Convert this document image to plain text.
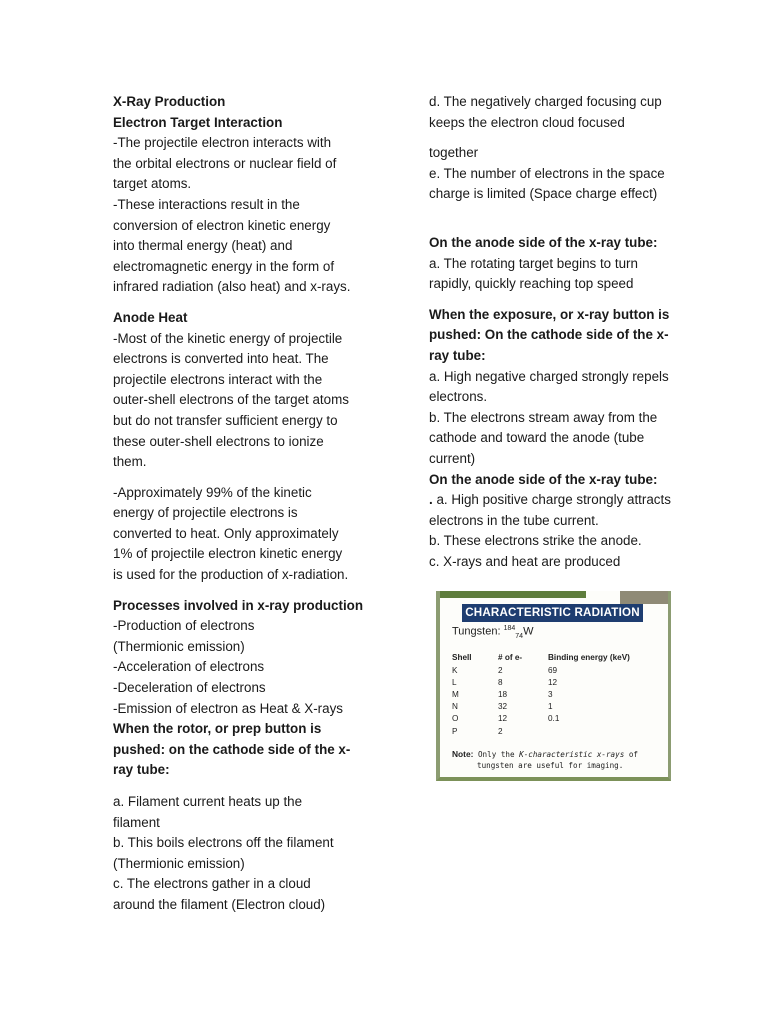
X-Ray Production
Electron Target Interaction
-The projectile electron interacts with
the orbital electrons or nuclear field of
target atoms.
-These interactions result in the
conversion of electron kinetic energy
into thermal energy (heat) and
electromagnetic energy in the form of
infrared radiation (also heat) and x-rays.
Anode Heat
-Most of the kinetic energy of projectile
electrons is converted into heat. The
projectile electrons interact with the
outer-shell electrons of the target atoms
but do not transfer sufficient energy to
these outer-shell electrons to ionize
them.
-Approximately 99% of the kinetic
energy of projectile electrons is
converted to heat. Only approximately
1% of projectile electron kinetic energy
is used for the production of x-radiation.
Processes involved in x-ray production
-Production of electrons
(Thermionic emission)
-Acceleration of electrons
-Deceleration of electrons
-Emission of electron as Heat & X-rays
When the rotor, or prep button is
pushed: on the cathode side of the x-
ray tube:
a. Filament current heats up the
filament
b. This boils electrons off the filament
(Thermionic emission)
c. The electrons gather in a cloud
around the filament (Electron cloud)
d. The negatively charged focusing cup
keeps the electron cloud focused
together
e. The number of electrons in the space
charge is limited (Space charge effect)
On the anode side of the x-ray tube:
a. The rotating target begins to turn
rapidly, quickly reaching top speed
When the exposure, or x-ray button is
pushed: On the cathode side of the x-
ray tube:
a. High negative charged strongly repels
electrons.
b. The electrons stream away from the
cathode and toward the anode (tube
current)
On the anode side of the x-ray tube:
. a. High positive charge strongly attracts
electrons in the tube current.
b. These electrons strike the anode.
c. X-rays and heat are produced
CHARACTERISTIC RADIATION
Tungsten: $^{184}_{74}$W
Shell	# of e-	Binding energy (keV)
K	2	69
L	8	12
M	18	3
N	32	1
O	12	0.1
P	2	
Note: Only the K-characteristic x-rays of
tungsten are useful for imaging.
